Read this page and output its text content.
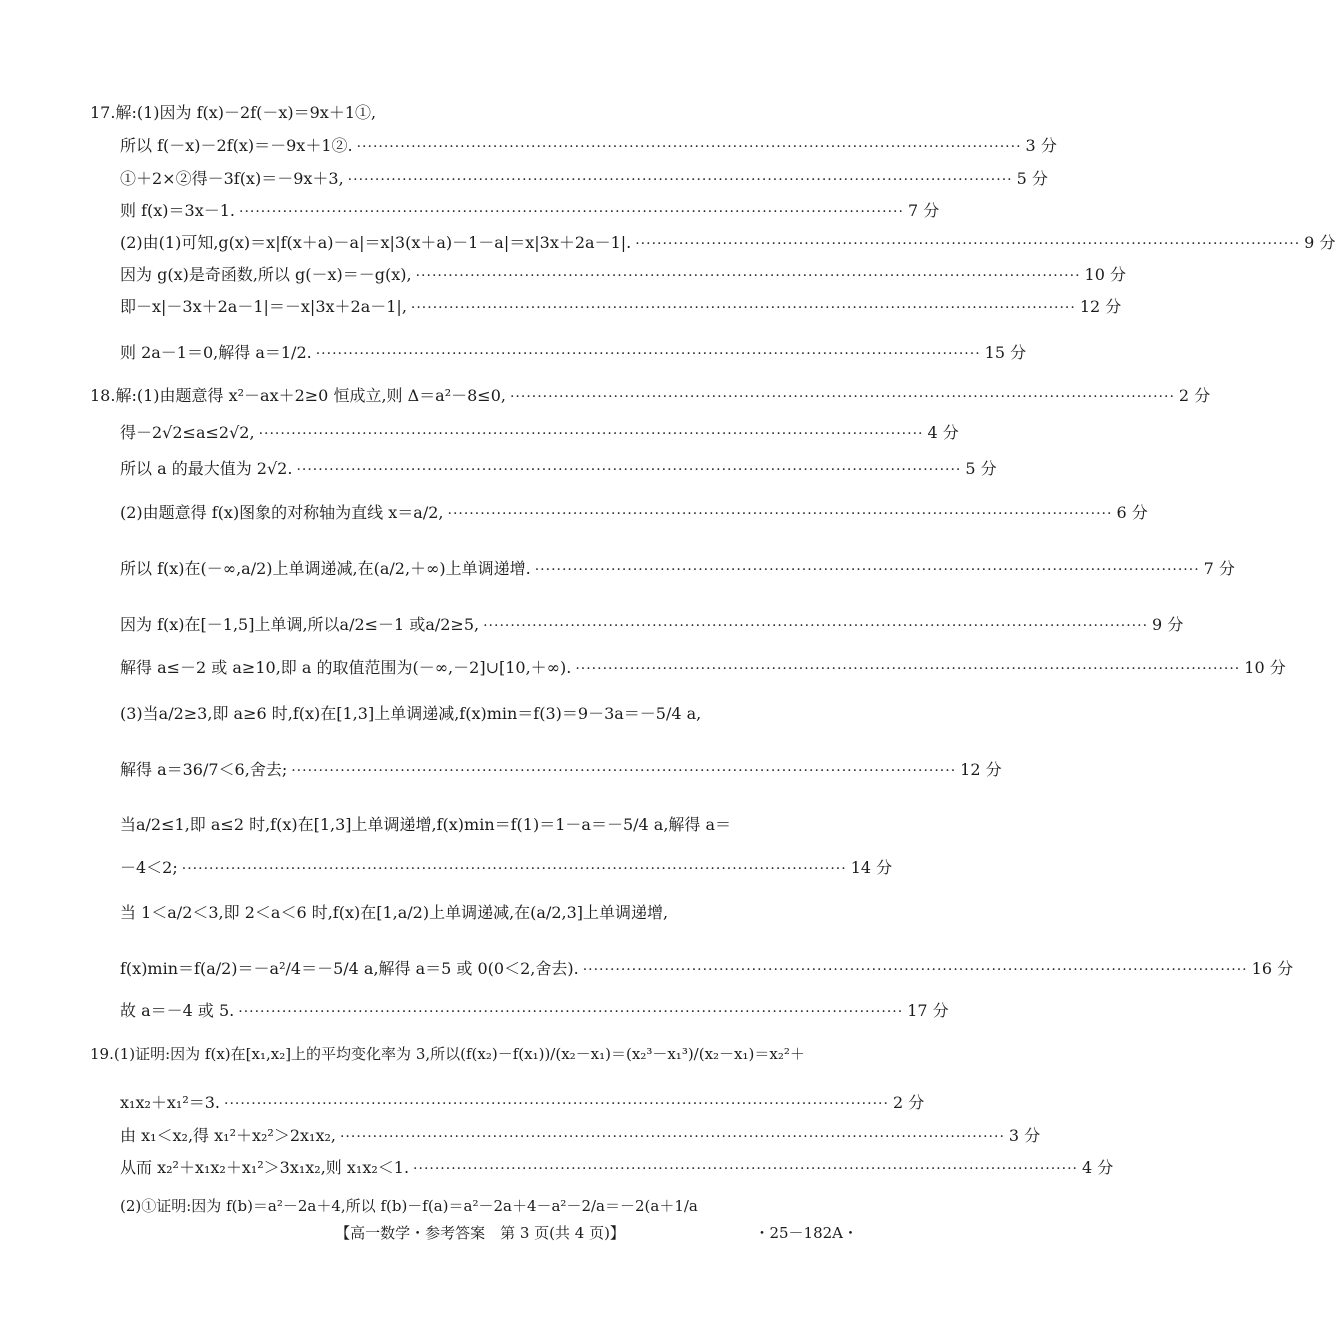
17.解:(1)因为 f(x)－2f(－x)＝9x＋1①,
所以 f(－x)－2f(x)＝－9x＋1②. ·························································································································· 3 分
①＋2×②得－3f(x)＝－9x＋3, ·························································································································· 5 分
则 f(x)＝3x－1. ·························································································································· 7 分
(2)由(1)可知,g(x)＝x|f(x＋a)－a|＝x|3(x＋a)－1－a|＝x|3x＋2a－1|. ·························································································································· 9 分
因为 g(x)是奇函数,所以 g(－x)＝－g(x), ·························································································································· 10 分
即－x|－3x＋2a－1|＝－x|3x＋2a－1|, ·························································································································· 12 分
则 2a－1＝0,解得 a＝1/2. ·························································································································· 15 分
18.解:(1)由题意得 x²－ax＋2≥0 恒成立,则 Δ＝a²－8≤0, ·························································································································· 2 分
得－2√2≤a≤2√2, ·························································································································· 4 分
所以 a 的最大值为 2√2. ·························································································································· 5 分
(2)由题意得 f(x)图象的对称轴为直线 x＝a/2, ·························································································································· 6 分
所以 f(x)在(－∞,a/2)上单调递减,在(a/2,＋∞)上单调递增. ·························································································································· 7 分
因为 f(x)在[－1,5]上单调,所以a/2≤－1 或a/2≥5, ·························································································································· 9 分
解得 a≤－2 或 a≥10,即 a 的取值范围为(－∞,－2]∪[10,＋∞). ·························································································································· 10 分
(3)当a/2≥3,即 a≥6 时,f(x)在[1,3]上单调递减,f(x)min＝f(3)＝9－3a＝－5/4 a,
解得 a＝36/7＜6,舍去; ·························································································································· 12 分
当a/2≤1,即 a≤2 时,f(x)在[1,3]上单调递增,f(x)min＝f(1)＝1－a＝－5/4 a,解得 a＝
－4＜2; ·························································································································· 14 分
当 1＜a/2＜3,即 2＜a＜6 时,f(x)在[1,a/2)上单调递减,在(a/2,3]上单调递增,
f(x)min＝f(a/2)＝－a²/4＝－5/4 a,解得 a＝5 或 0(0＜2,舍去). ·························································································································· 16 分
故 a＝－4 或 5. ·························································································································· 17 分
19.(1)证明:因为 f(x)在[x₁,x₂]上的平均变化率为 3,所以(f(x₂)－f(x₁))/(x₂－x₁)＝(x₂³－x₁³)/(x₂－x₁)＝x₂²＋
x₁x₂＋x₁²＝3. ·························································································································· 2 分
由 x₁＜x₂,得 x₁²＋x₂²＞2x₁x₂, ·························································································································· 3 分
从而 x₂²＋x₁x₂＋x₁²＞3x₁x₂,则 x₁x₂＜1. ·························································································································· 4 分
(2)①证明:因为 f(b)＝a²－2a＋4,所以 f(b)－f(a)＝a²－2a＋4－a²－2/a＝－2(a＋1/a
【高一数学・参考答案　第 3 页(共 4 页)】	・25－182A・
